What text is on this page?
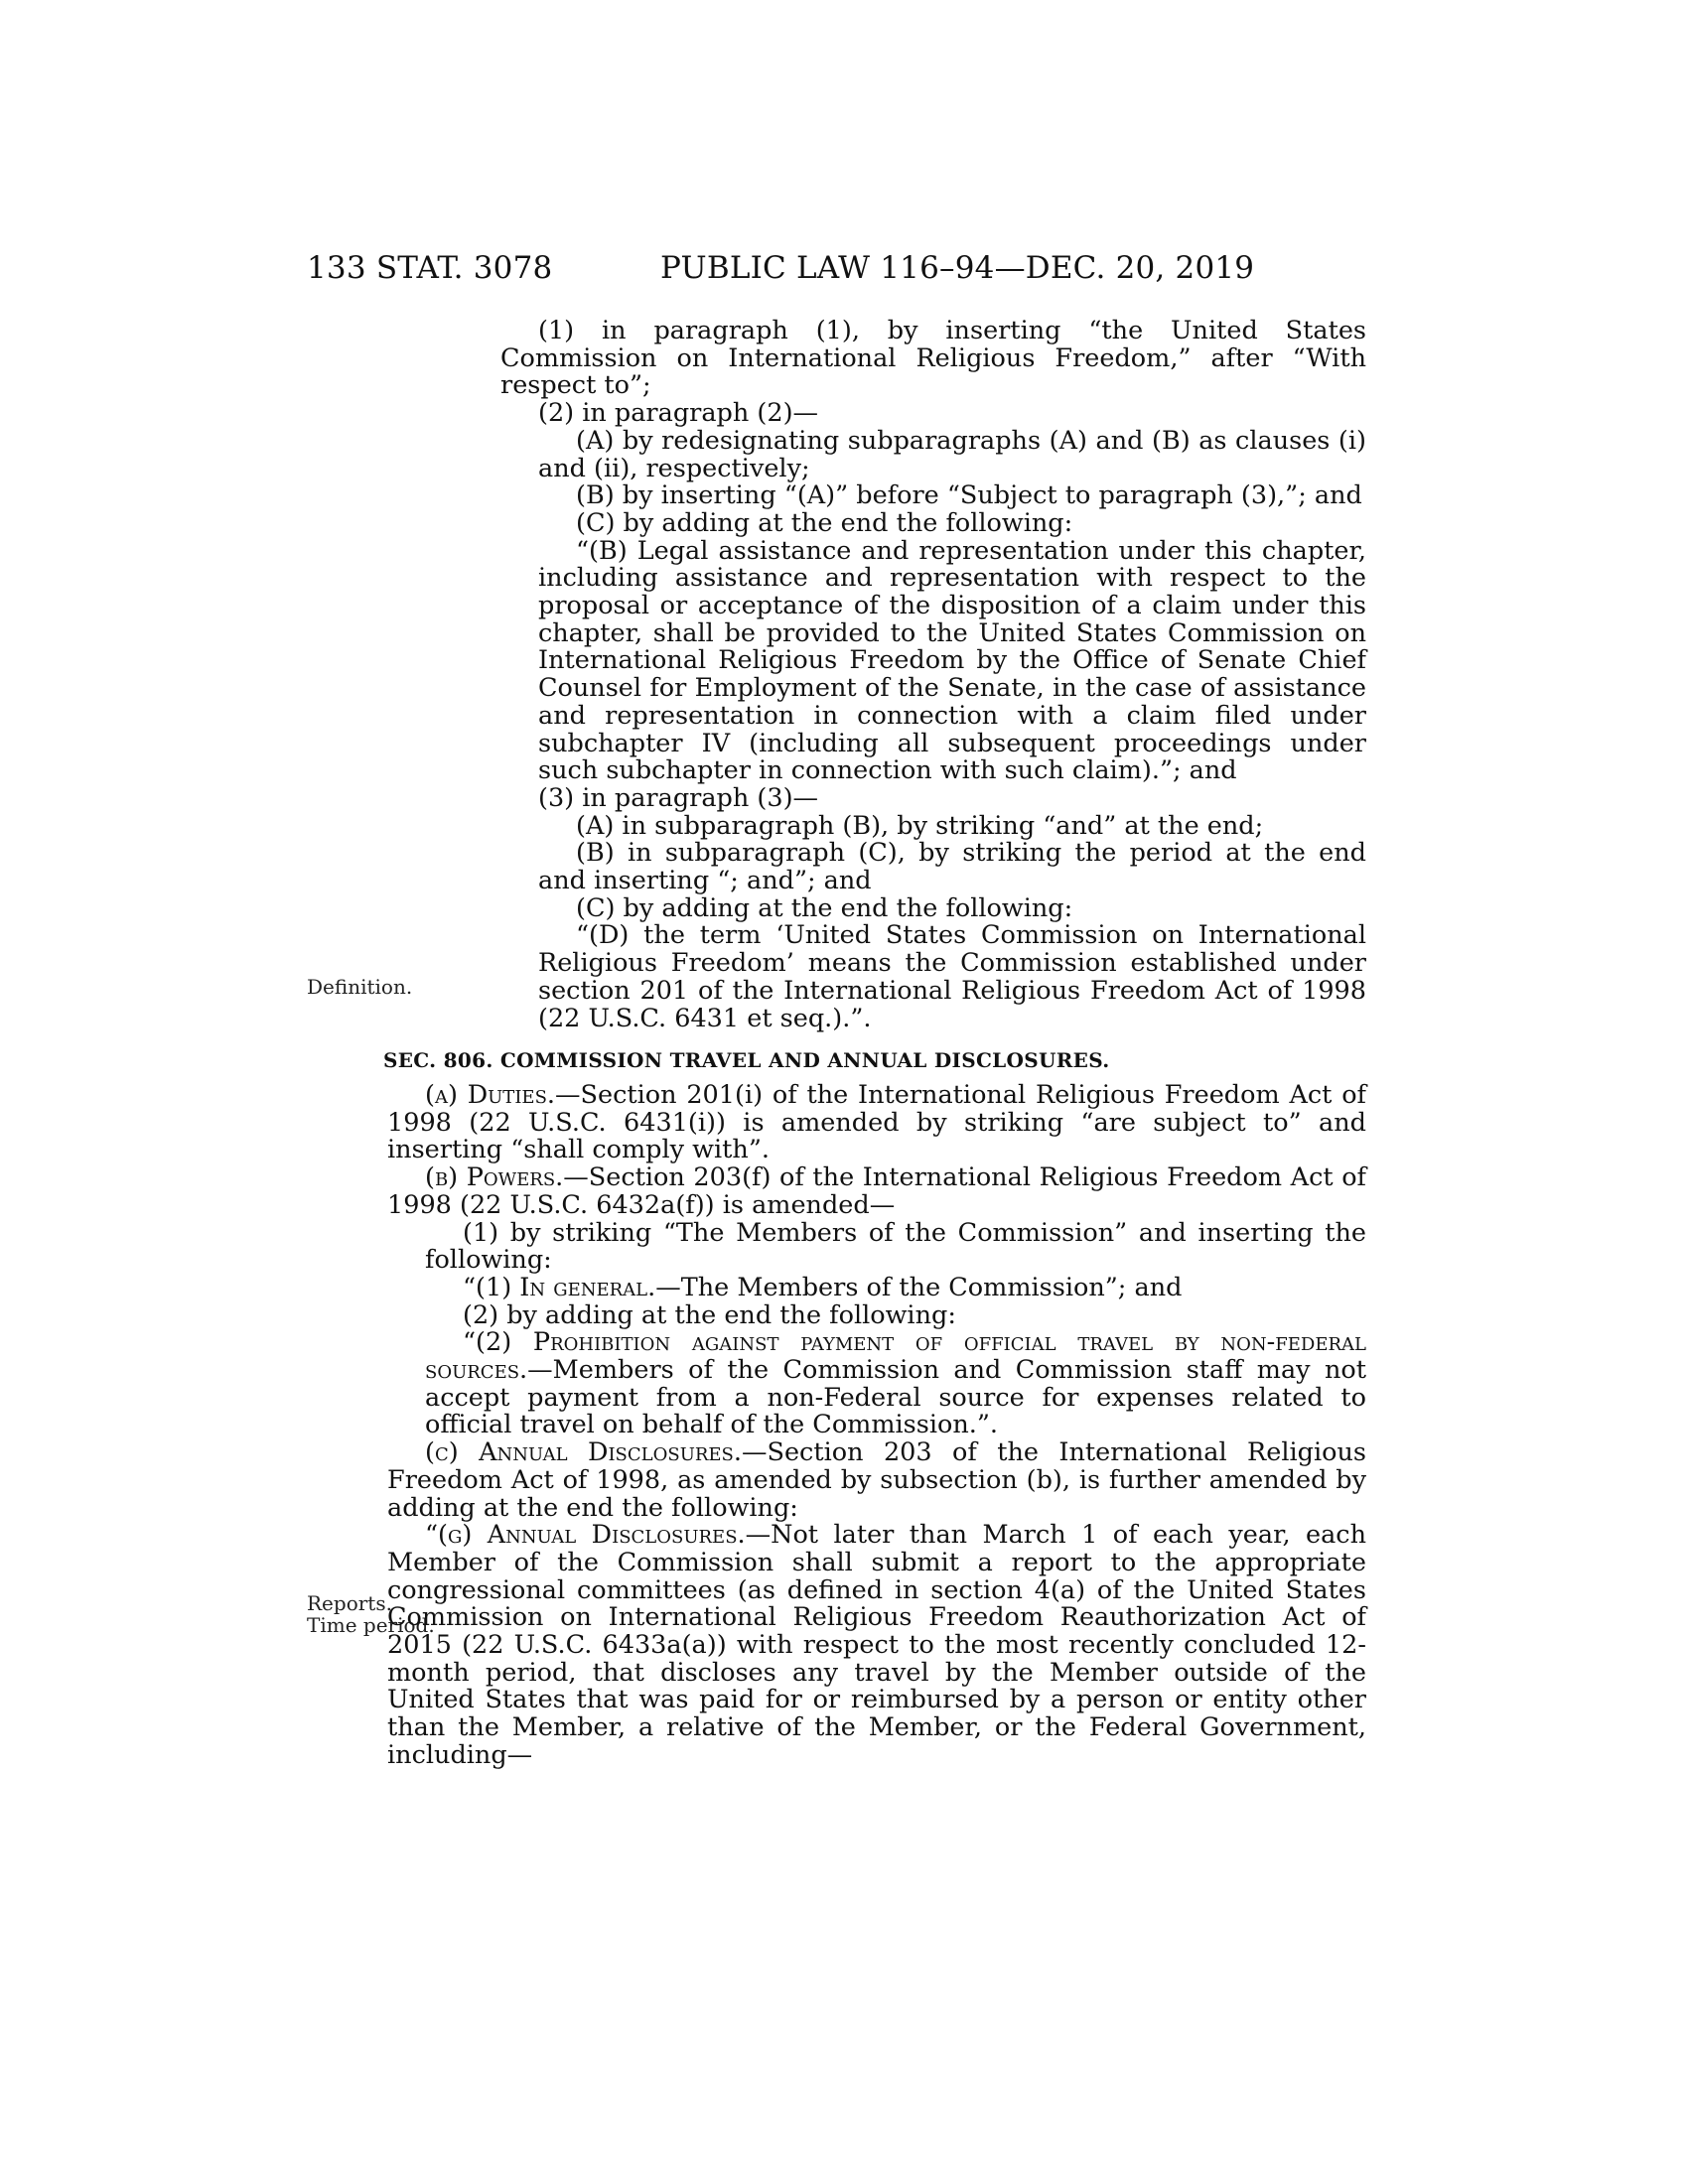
133 STAT. 3078	PUBLIC LAW 116–94—DEC. 20, 2019
Definition.
Reports.
Time period.

(1) in paragraph (1), by inserting “the United States Commission on International Religious Freedom,” after “With respect to”;

(2) in paragraph (2)—

(A) by redesignating subparagraphs (A) and (B) as clauses (i) and (ii), respectively;

(B) by inserting “(A)” before “Subject to paragraph (3),”; and

(C) by adding at the end the following:

“(B) Legal assistance and representation under this chapter, including assistance and representation with respect to the proposal or acceptance of the disposition of a claim under this chapter, shall be provided to the United States Commission on International Religious Freedom by the Office of Senate Chief Counsel for Employment of the Senate, in the case of assistance and representation in connection with a claim filed under subchapter IV (including all subsequent proceedings under such subchapter in connection with such claim).”; and

(3) in paragraph (3)—

(A) in subparagraph (B), by striking “and” at the end;

(B) in subparagraph (C), by striking the period at the end and inserting “; and”; and

(C) by adding at the end the following:

“(D) the term ‘United States Commission on International Religious Freedom’ means the Commission established under section 201 of the International Religious Freedom Act of 1998 (22 U.S.C. 6431 et seq.).”.

SEC. 806. COMMISSION TRAVEL AND ANNUAL DISCLOSURES.

(a) Duties.—Section 201(i) of the International Religious Freedom Act of 1998 (22 U.S.C. 6431(i)) is amended by striking “are subject to” and inserting “shall comply with”.

(b) Powers.—Section 203(f) of the International Religious Freedom Act of 1998 (22 U.S.C. 6432a(f)) is amended—

(1) by striking “The Members of the Commission” and inserting the following:

“(1) In general.—The Members of the Commission”; and

(2) by adding at the end the following:

“(2) Prohibition against payment of official travel by non-federal sources.—Members of the Commission and Commission staff may not accept payment from a non-Federal source for expenses related to official travel on behalf of the Commission.”.

(c) Annual Disclosures.—Section 203 of the International Religious Freedom Act of 1998, as amended by subsection (b), is further amended by adding at the end the following:

“(g) Annual Disclosures.—Not later than March 1 of each year, each Member of the Commission shall submit a report to the appropriate congressional committees (as defined in section 4(a) of the United States Commission on International Religious Freedom Reauthorization Act of 2015 (22 U.S.C. 6433a(a)) with respect to the most recently concluded 12-month period, that discloses any travel by the Member outside of the United States that was paid for or reimbursed by a person or entity other than the Member, a relative of the Member, or the Federal Government, including—
